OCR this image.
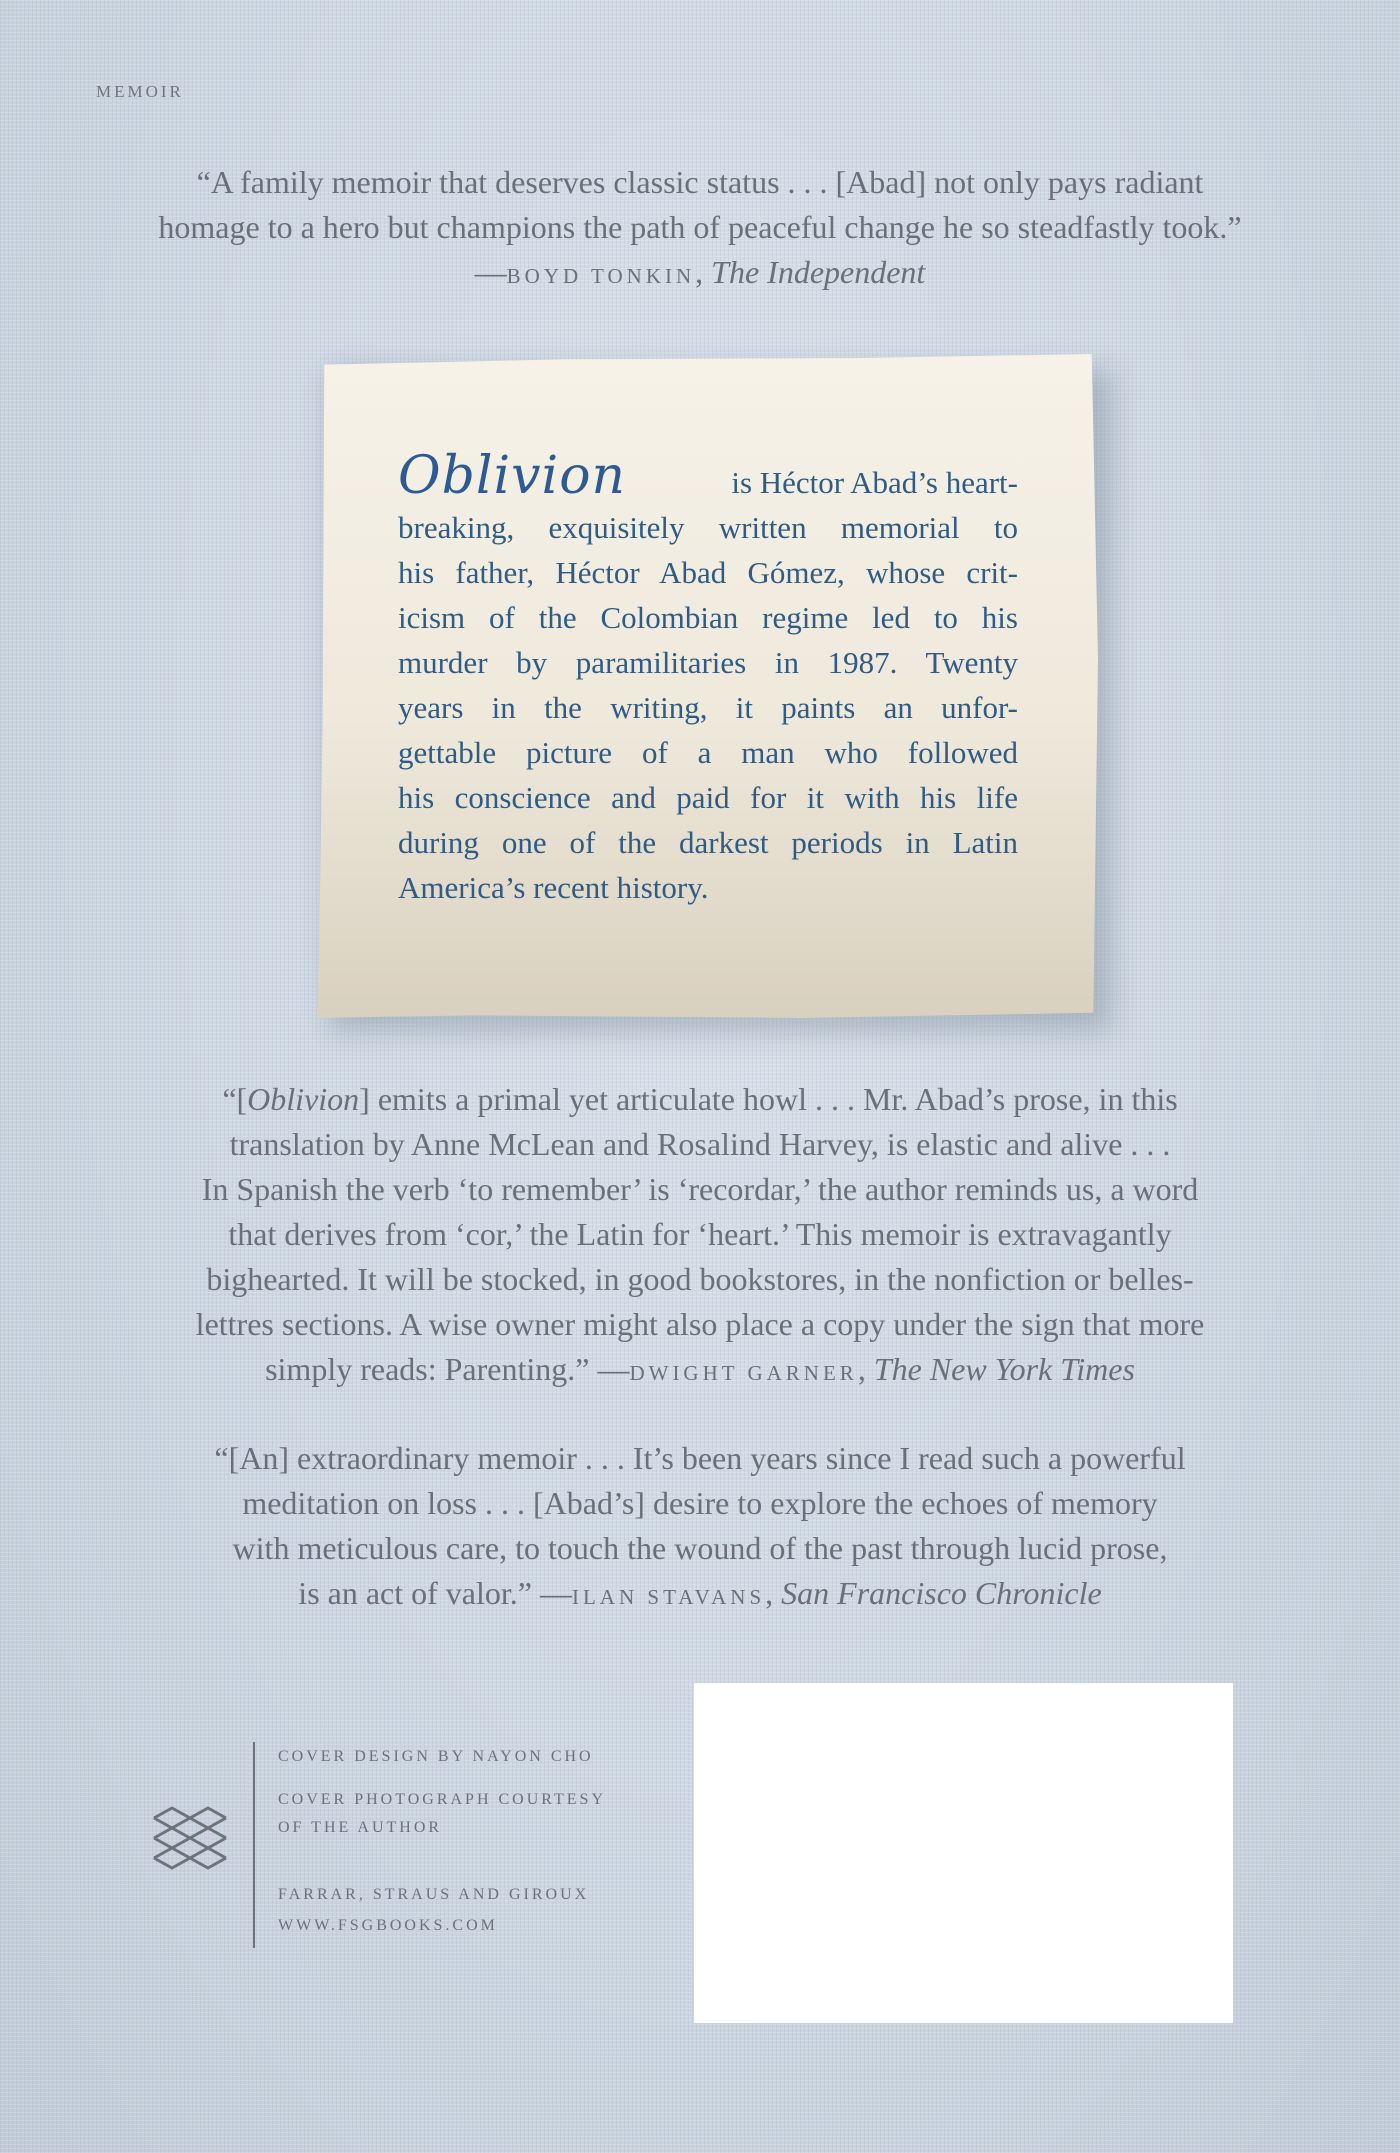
MEMOIR
“A family memoir that deserves classic status . . . [Abad] not only pays radiant
homage to a hero but champions the path of peaceful change he so steadfastly took.”
—BOYD TONKIN, The Independent
Oblivion	is Héctor Abad’s heart-
breaking, exquisitely written memorial to
his father, Héctor Abad Gómez, whose crit-
icism of the Colombian regime led to his
murder by paramilitaries in 1987. Twenty
years in the writing, it paints an unfor-
gettable picture of a man who followed
his conscience and paid for it with his life
during one of the darkest periods in Latin
America’s recent history.
“[Oblivion] emits a primal yet articulate howl . . . Mr. Abad’s prose, in this
translation by Anne McLean and Rosalind Harvey, is elastic and alive . . .
In Spanish the verb ‘to remember’ is ‘recordar,’ the author reminds us, a word
that derives from ‘cor,’ the Latin for ‘heart.’ This memoir is extravagantly
bighearted. It will be stocked, in good bookstores, in the nonfiction or belles-
lettres sections. A wise owner might also place a copy under the sign that more
simply reads: Parenting.” —DWIGHT GARNER, The New York Times
“[An] extraordinary memoir . . . It’s been years since I read such a powerful
meditation on loss . . . [Abad’s] desire to explore the echoes of memory
with meticulous care, to touch the wound of the past through lucid prose,
is an act of valor.” —ILAN STAVANS, San Francisco Chronicle
COVER DESIGN BY NAYON CHO
COVER PHOTOGRAPH COURTESY
OF THE AUTHOR
FARRAR, STRAUS AND GIROUX
WWW.FSGBOOKS.COM
